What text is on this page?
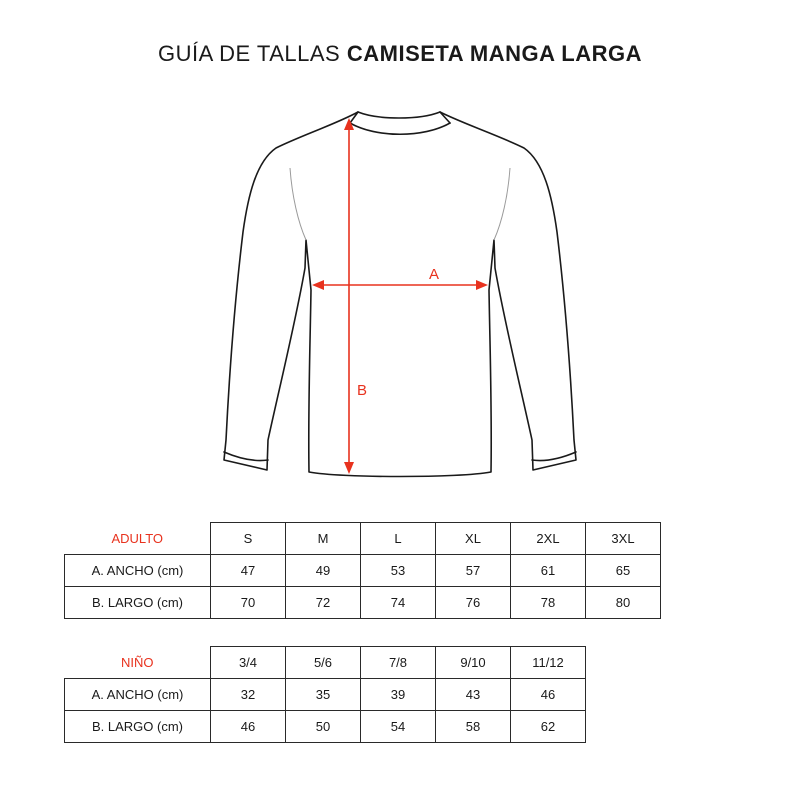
GUÍA DE TALLAS CAMISETA MANGA LARGA
A
B
ADULTO	S	M	L	XL	2XL	3XL
A. ANCHO (cm)	47	49	53	57	61	65
B. LARGO (cm)	70	72	74	76	78	80
NIÑO	3/4	5/6	7/8	9/10	11/12
A. ANCHO (cm)	32	35	39	43	46
B. LARGO (cm)	46	50	54	58	62
